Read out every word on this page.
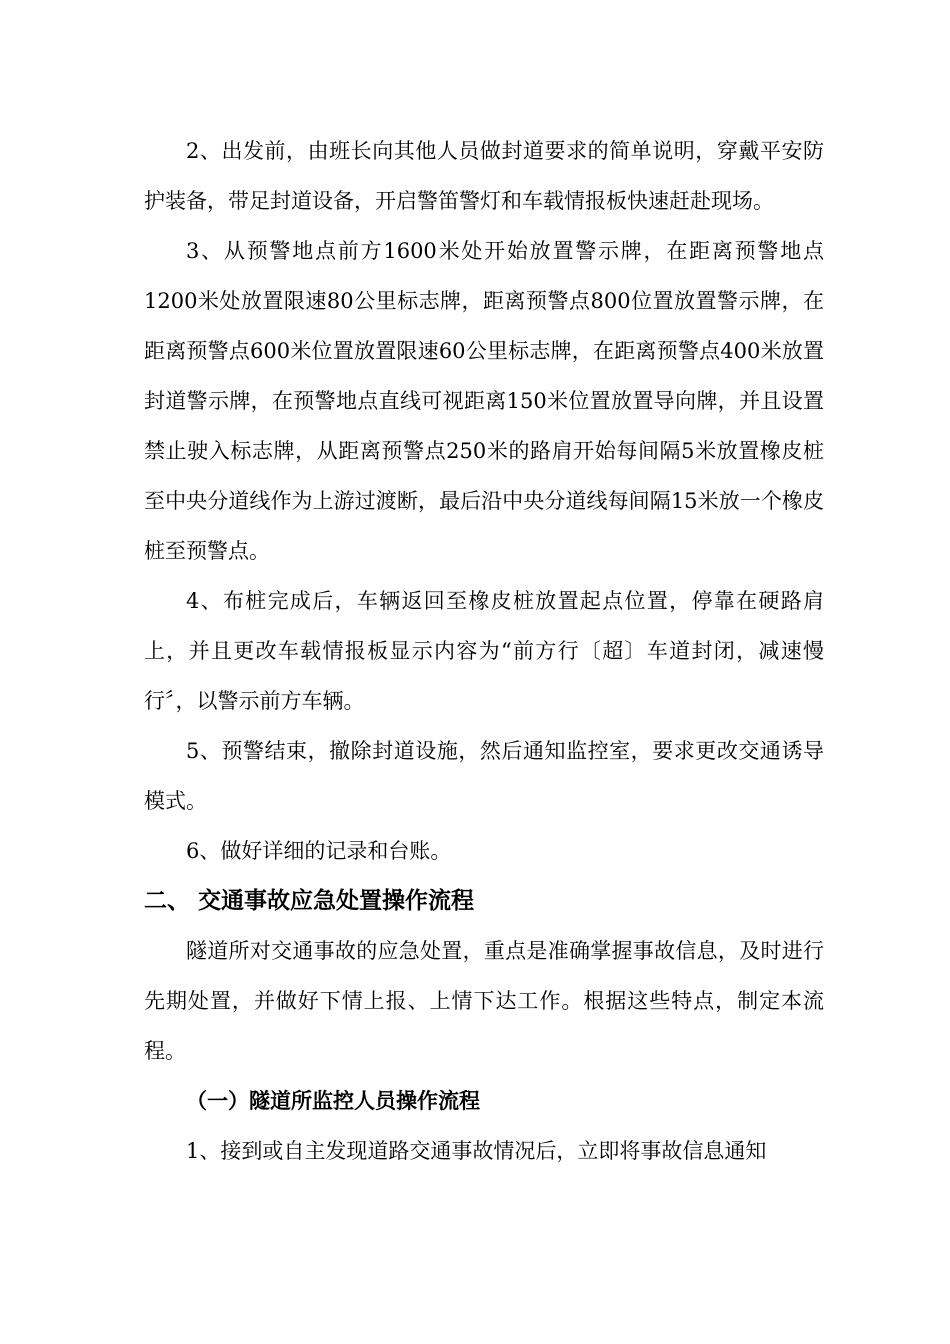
2、出发前，由班长向其他人员做封道要求的简单说明，穿戴平安防护装备，带足封道设备，开启警笛警灯和车载情报板快速赶赴现场。

3、从预警地点前方1600米处开始放置警示牌，在距离预警地点1200米处放置限速80公里标志牌，距离预警点800位置放置警示牌，在距离预警点600米位置放置限速60公里标志牌，在距离预警点400米放置封道警示牌，在预警地点直线可视距离150米位置放置导向牌，并且设置禁止驶入标志牌，从距离预警点250米的路肩开始每间隔5米放置橡皮桩至中央分道线作为上游过渡断，最后沿中央分道线每间隔15米放一个橡皮桩至预警点。

4、布桩完成后，车辆返回至橡皮桩放置起点位置，停靠在硬路肩上，并且更改车载情报板显示内容为“前方行〔超〕车道封闭，减速慢行〞，以警示前方车辆。

5、预警结束，撤除封道设施，然后通知监控室，要求更改交通诱导模式。

6、做好详细的记录和台账。

二、 交通事故应急处置操作流程

隧道所对交通事故的应急处置，重点是准确掌握事故信息，及时进行先期处置，并做好下情上报、上情下达工作。根据这些特点，制定本流程。

（一）隧道所监控人员操作流程

1、接到或自主发现道路交通事故情况后，立即将事故信息通知
